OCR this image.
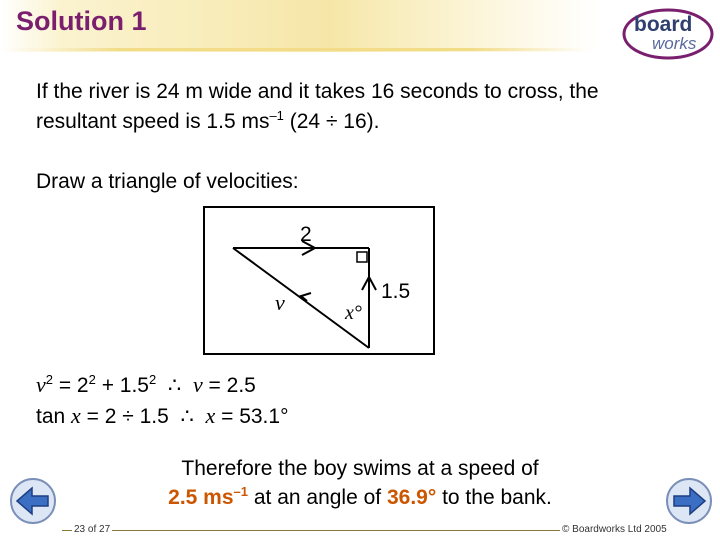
Solution 1	board
works
If the river is 24 m wide and it takes 16 seconds to cross, the
resultant speed is 1.5 $ms^{-1}$ (24 ÷ 16).
Draw a triangle of velocities:
2
1.5
v	x°
$v^2 = 2^2 + 1.5^2$  ∴  v = 2.5
tan x = 2 ÷ 1.5  ∴  x = 53.1°
Therefore the boy swims at a speed of
2.5 $ms^{-1}$ at an angle of 36.9° to the bank.
23 of 27	© Boardworks Ltd 2005
